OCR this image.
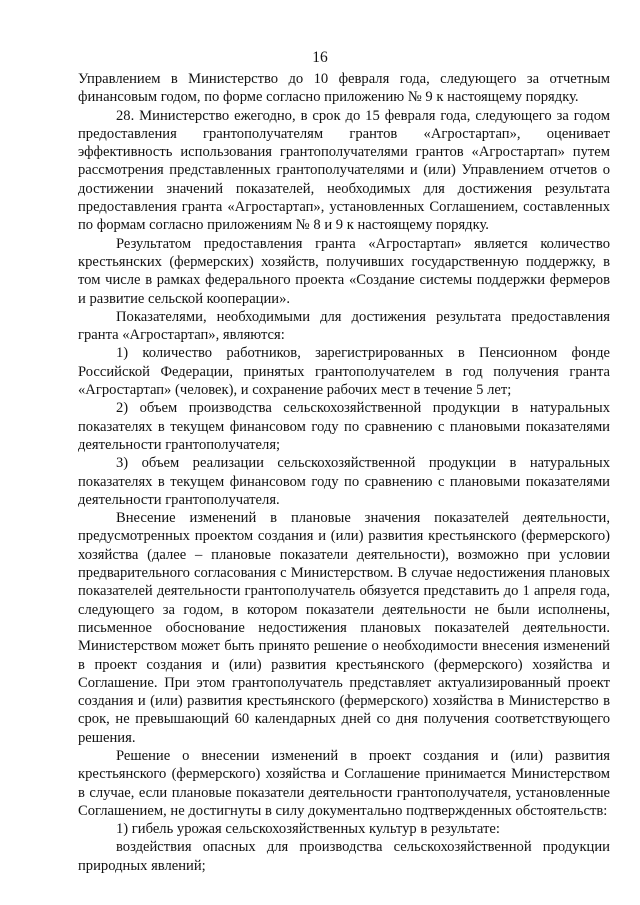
16

Управлением в Министерство до 10 февраля года, следующего за отчетным финансовым годом, по форме согласно приложению № 9 к настоящему порядку.

28. Министерство ежегодно, в срок до 15 февраля года, следующего за годом предоставления грантополучателям грантов «Агростартап», оценивает эффективность использования грантополучателями грантов «Агростартап» путем рассмотрения представленных грантополучателями и (или) Управлением отчетов о достижении значений показателей, необходимых для достижения результата предоставления гранта «Агростартап», установленных Соглашением, составленных по формам согласно приложениям № 8 и 9 к настоящему порядку.

Результатом предоставления гранта «Агростартап» является количество крестьянских (фермерских) хозяйств, получивших государственную поддержку, в том числе в рамках федерального проекта «Создание системы поддержки фермеров и развитие сельской кооперации».

Показателями, необходимыми для достижения результата предоставления гранта «Агростартап», являются:

1) количество работников, зарегистрированных в Пенсионном фонде Российской Федерации, принятых грантополучателем в год получения гранта «Агростартап» (человек), и сохранение рабочих мест в течение 5 лет;

2) объем производства сельскохозяйственной продукции в натуральных показателях в текущем финансовом году по сравнению с плановыми показателями деятельности грантополучателя;

3) объем реализации сельскохозяйственной продукции в натуральных показателях в текущем финансовом году по сравнению с плановыми показателями деятельности грантополучателя.

Внесение изменений в плановые значения показателей деятельности, предусмотренных проектом создания и (или) развития крестьянского (фермерского) хозяйства (далее – плановые показатели деятельности), возможно при условии предварительного согласования с Министерством. В случае недостижения плановых показателей деятельности грантополучатель обязуется представить до 1 апреля года, следующего за годом, в котором показатели деятельности не были исполнены, письменное обоснование недостижения плановых показателей деятельности. Министерством может быть принято решение о необходимости внесения изменений в проект создания и (или) развития крестьянского (фермерского) хозяйства и Соглашение. При этом грантополучатель представляет актуализированный проект создания и (или) развития крестьянского (фермерского) хозяйства в Министерство в срок, не превышающий 60 календарных дней со дня получения соответствующего решения.

Решение о внесении изменений в проект создания и (или) развития крестьянского (фермерского) хозяйства и Соглашение принимается Министерством в случае, если плановые показатели деятельности грантополучателя, установленные Соглашением, не достигнуты в силу документально подтвержденных обстоятельств:

1) гибель урожая сельскохозяйственных культур в результате:

воздействия опасных для производства сельскохозяйственной продукции природных явлений;
